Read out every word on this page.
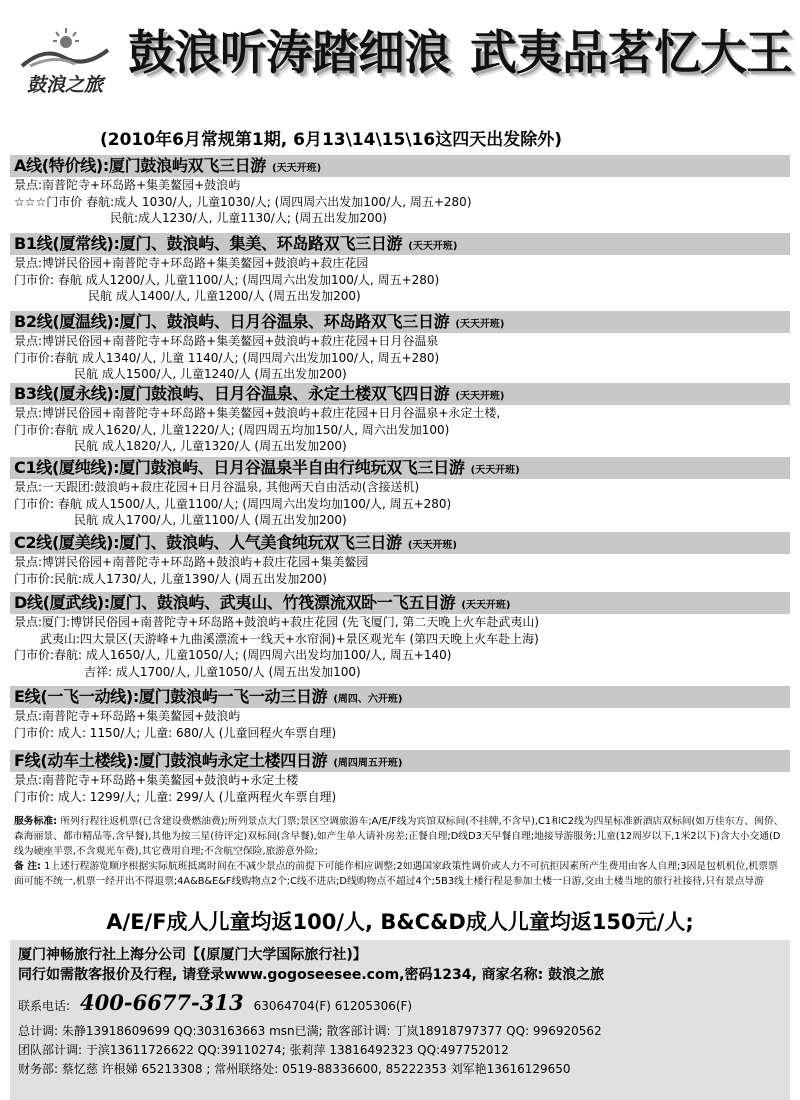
鼓浪之旅
鼓浪听涛踏细浪 武夷品茗忆大王
(2010年6月常规第1期, 6月13\14\15\16这四天出发除外)
A线(特价线):厦门鼓浪屿双飞三日游 (天天开班)
景点:南普陀寺+环岛路+集美鳌园+鼓浪屿
☆☆☆门市价 春航:成人 1030/人, 儿童1030/人; (周四周六出发加100/人, 周五+280)
民航:成人1230/人, 儿童1130/人; (周五出发加200)
B1线(厦常线):厦门、鼓浪屿、集美、环岛路双飞三日游 (天天开班)
景点:博饼民俗园+南普陀寺+环岛路+集美鳌园+鼓浪屿+菽庄花园
门市价: 春航 成人1200/人, 儿童1100/人; (周四周六出发加100/人, 周五+280)
民航 成人1400/人, 儿童1200/人 (周五出发加200)
B2线(厦温线):厦门、鼓浪屿、日月谷温泉、环岛路双飞三日游 (天天开班)
景点:博饼民俗园+南普陀寺+环岛路+集美鳌园+鼓浪屿+菽庄花园+日月谷温泉
门市价:春航 成人1340/人, 儿童 1140/人; (周四周六出发加100/人, 周五+280)
民航 成人1500/人, 儿童1240/人 (周五出发加200)
B3线(厦永线):厦门鼓浪屿、日月谷温泉、永定土楼双飞四日游 (天天开班)
景点:博饼民俗园+南普陀寺+环岛路+集美鳌园+鼓浪屿+菽庄花园+日月谷温泉+永定土楼,
门市价:春航 成人1620/人, 儿童1220/人; (周四周五均加150/人, 周六出发加100)
民航 成人1820/人, 儿童1320/人 (周五出发加200)
C1线(厦纯线):厦门鼓浪屿、日月谷温泉半自由行纯玩双飞三日游 (天天开班)
景点:一天跟团:鼓浪屿+菽庄花园+日月谷温泉, 其他两天自由活动(含接送机)
门市价: 春航 成人1500/人, 儿童1100/人; (周四周六出发均加100/人, 周五+280)
民航 成人1700/人, 儿童1100/人 (周五出发加200)
C2线(厦美线):厦门、鼓浪屿、人气美食纯玩双飞三日游 (天天开班)
景点:博饼民俗园+南普陀寺+环岛路+鼓浪屿+菽庄花园+集美鳌园
门市价:民航:成人1730/人, 儿童1390/人 (周五出发加200)
D线(厦武线):厦门、鼓浪屿、武夷山、竹筏漂流双卧一飞五日游 (天天开班)
景点:厦门:博饼民俗园+南普陀寺+环岛路+鼓浪屿+菽庄花园 (先飞厦门, 第二天晚上火车赴武夷山)
武夷山:四大景区(天游峰+九曲溪漂流+一线天+水帘洞)+景区观光车 (第四天晚上火车赴上海)
门市价:春航: 成人1650/人, 儿童1050/人; (周四周六出发均加100/人, 周五+140)
吉祥: 成人1700/人, 儿童1050/人 (周五出发加100)
E线(一飞一动线):厦门鼓浪屿一飞一动三日游 (周四、六开班)
景点:南普陀寺+环岛路+集美鳌园+鼓浪屿
门市价: 成人: 1150/人; 儿童: 680/人 (儿童回程火车票自理)
F线(动车土楼线):厦门鼓浪屿永定土楼四日游 (周四周五开班)
景点:南普陀寺+环岛路+集美鳌园+鼓浪屿+永定土楼
门市价: 成人: 1299/人; 儿童: 299/人 (儿童两程火车票自理)
服务标准: 所列行程往返机票(已含建设费燃油费);所列景点大门票;景区空调旅游车;A/E/F线为宾馆双标间(不挂牌,不含早),C1和C2线为四星标准新酒店双标间(如万佳东方、闽侨、森海丽景、都市精品等,含早餐),其他为按三星(待评定)双标间(含早餐),如产生单人请补房差;正餐自理;D线D3天早餐自理;地接导游服务;儿童(12周岁以下,1米2以下)含大小交通(D线为硬座半票,不含观光车费),其它费用自理;不含航空保险,旅游意外险;
备 注: 1上述行程游览顺序根据实际航班抵离时间在不减少景点的前提下可能作相应调整;2如遇国家政策性调价或人力不可抗拒因素所产生费用由客人自理;3因是包机机位,机票票面可能不统一,机票一经开出不得退票;4A&B&E&F线购物点2个;C线不进店;D线购物点不超过4个;5B3线土楼行程是参加土楼一日游,交由土楼当地的旅行社接待,只有景点导游
A/E/F成人儿童均返100/人, B&C&D成人儿童均返150元/人;
厦门神畅旅行社上海分公司【(原厦门大学国际旅行社)】
同行如需散客报价及行程, 请登录www.gogoseesee.com,密码1234, 商家名称: 鼓浪之旅
联系电话: 400-6677-313 63064704(F) 61205306(F)
总计调: 朱静13918609699 QQ:303163663 msn已满; 散客部计调: 丁岚18918797377 QQ: 996920562
团队部计调: 于滨13611726622 QQ:39110274; 张莉萍 13816492323 QQ:497752012
财务部: 蔡忆慈 许根娣 65213308 ; 常州联络处: 0519-88336600, 85222353 刘军艳13616129650
